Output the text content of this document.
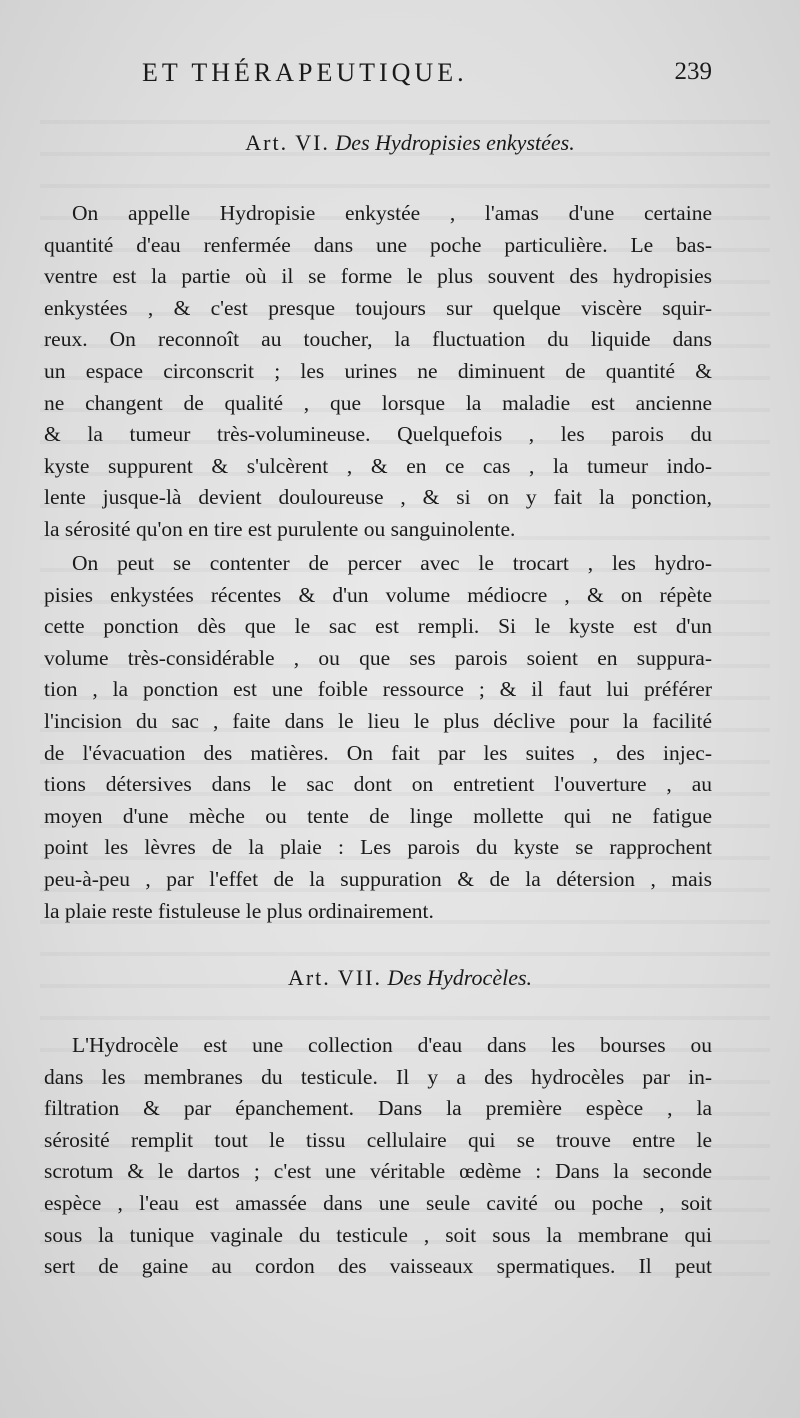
ET THÉRAPEUTIQUE.	239
Art. VI. Des Hydropisies enkystées.
On appelle Hydropisie enkystée , l'amas d'une certaine
quantité d'eau renfermée dans une poche particulière. Le bas-
ventre est la partie où il se forme le plus souvent des hydropisies
enkystées , & c'est presque toujours sur quelque viscère squir-
reux. On reconnoît au toucher, la fluctuation du liquide dans
un espace circonscrit ; les urines ne diminuent de quantité &
ne changent de qualité , que lorsque la maladie est ancienne
& la tumeur très-volumineuse. Quelquefois , les parois du
kyste suppurent & s'ulcèrent , & en ce cas , la tumeur indo-
lente jusque-là devient douloureuse , & si on y fait la ponction,
la sérosité qu'on en tire est purulente ou sanguinolente.
On peut se contenter de percer avec le trocart , les hydro-
pisies enkystées récentes & d'un volume médiocre , & on répète
cette ponction dès que le sac est rempli. Si le kyste est d'un
volume très-considérable , ou que ses parois soient en suppura-
tion , la ponction est une foible ressource ; & il faut lui préférer
l'incision du sac , faite dans le lieu le plus déclive pour la facilité
de l'évacuation des matières. On fait par les suites , des injec-
tions détersives dans le sac dont on entretient l'ouverture , au
moyen d'une mèche ou tente de linge mollette qui ne fatigue
point les lèvres de la plaie : Les parois du kyste se rapprochent
peu-à-peu , par l'effet de la suppuration & de la détersion , mais
la plaie reste fistuleuse le plus ordinairement.
Art. VII. Des Hydrocèles.
L'Hydrocèle est une collection d'eau dans les bourses ou
dans les membranes du testicule. Il y a des hydrocèles par in-
filtration & par épanchement. Dans la première espèce , la
sérosité remplit tout le tissu cellulaire qui se trouve entre le
scrotum & le dartos ; c'est une véritable œdème : Dans la seconde
espèce , l'eau est amassée dans une seule cavité ou poche , soit
sous la tunique vaginale du testicule , soit sous la membrane qui
sert de gaine au cordon des vaisseaux spermatiques. Il peut
